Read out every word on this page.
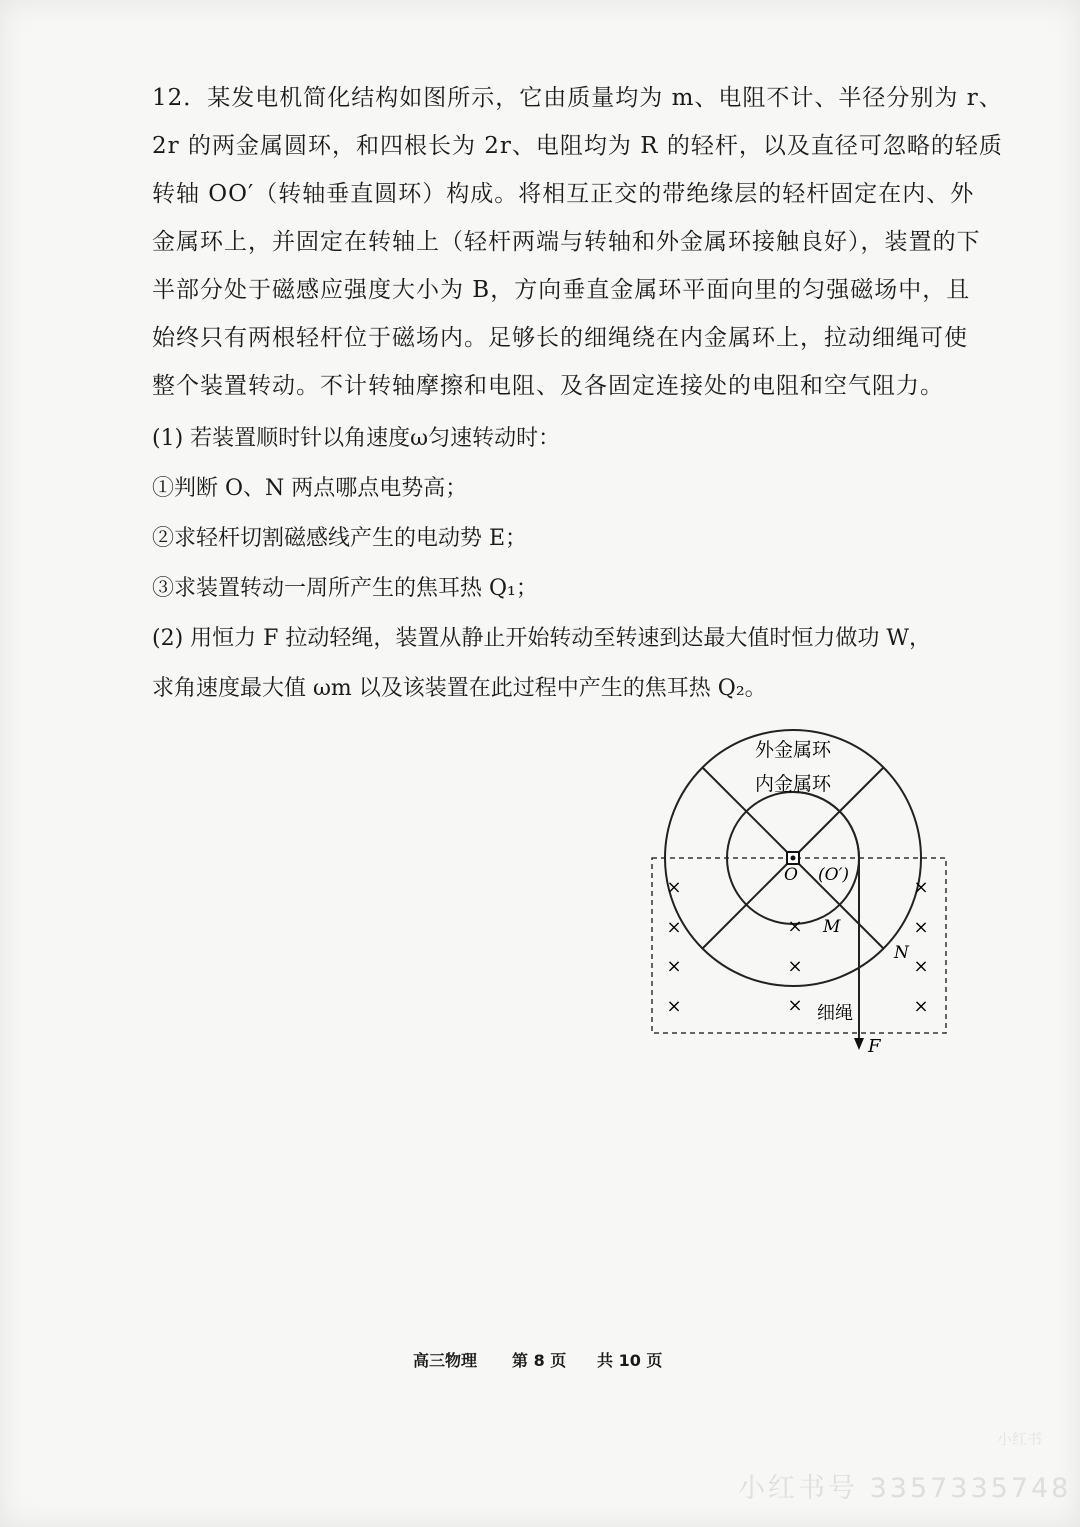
12．某发电机简化结构如图所示，它由质量均为 m、电阻不计、半径分别为 r、
2r 的两金属圆环，和四根长为 2r、电阻均为 R 的轻杆，以及直径可忽略的轻质
转轴 OO′（转轴垂直圆环）构成。将相互正交的带绝缘层的轻杆固定在内、外
金属环上，并固定在转轴上（轻杆两端与转轴和外金属环接触良好），装置的下
半部分处于磁感应强度大小为 B，方向垂直金属环平面向里的匀强磁场中，且
始终只有两根轻杆位于磁场内。足够长的细绳绕在内金属环上，拉动细绳可使
整个装置转动。不计转轴摩擦和电阻、及各固定连接处的电阻和空气阻力。
(1) 若装置顺时针以角速度ω匀速转动时：
①判断 O、N 两点哪点电势高；
②求轻杆切割磁感线产生的电动势 E；
③求装置转动一周所产生的焦耳热 Q₁；
(2) 用恒力 F 拉动轻绳，装置从静止开始转动至转速到达最大值时恒力做功 W，
求角速度最大值 ωm 以及该装置在此过程中产生的焦耳热 Q₂。
外金属环
内金属环
O (O′)
M
N
细绳
F
×
×
×
×
×
×
×
×
×
×
×
高三物理 第 8 页 共 10 页
小红书
小红书号 3357335748
